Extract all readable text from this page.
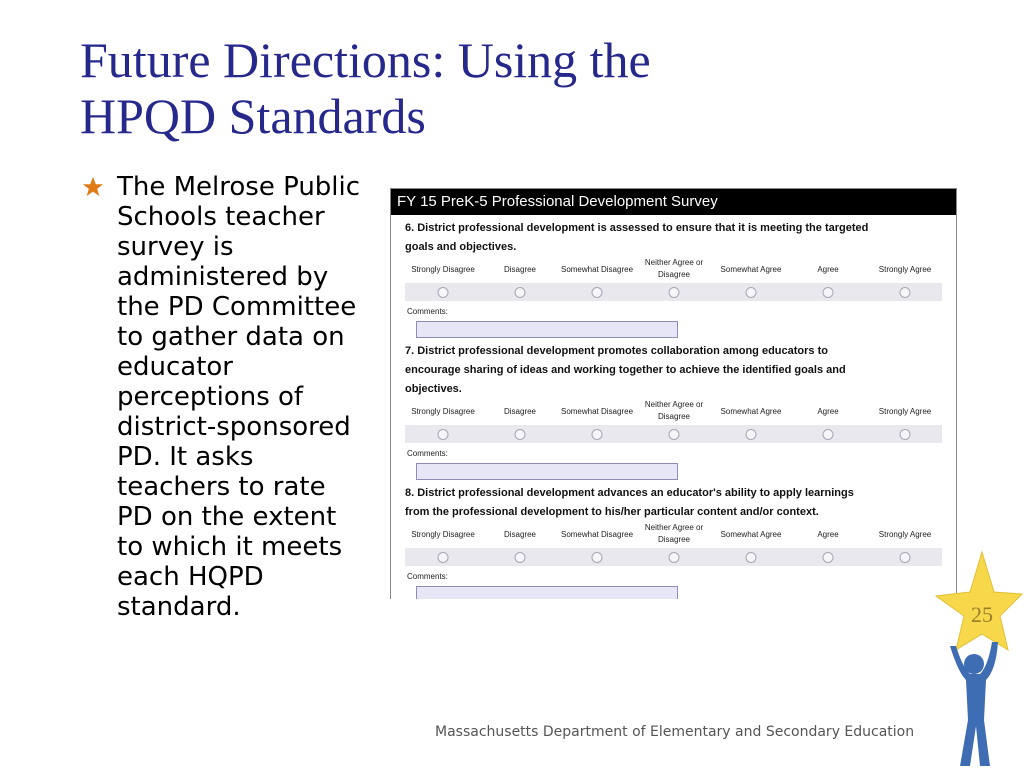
Future Directions: Using the
HPQD Standards
The Melrose Public
Schools teacher
survey is
administered by
the PD Committee
to gather data on
educator
perceptions of
district-sponsored
PD. It asks
teachers to rate
PD on the extent
to which it meets
each HQPD
standard.
FY 15 PreK-5 Professional Development Survey
6. District professional development is assessed to ensure that it is meeting the targeted
goals and objectives.
Strongly Disagree	Disagree	Somewhat Disagree
Neither Agree or Disagree
Somewhat Agree	Agree	Strongly Agree
Comments:
7. District professional development promotes collaboration among educators to
encourage sharing of ideas and working together to achieve the identified goals and
objectives.
Strongly Disagree	Disagree	Somewhat Disagree
Neither Agree or Disagree
Somewhat Agree	Agree	Strongly Agree
Comments:
8. District professional development advances an educator's ability to apply learnings
from the professional development to his/her particular content and/or context.
Strongly Disagree	Disagree	Somewhat Disagree
Neither Agree or Disagree
Somewhat Agree	Agree	Strongly Agree
Comments:
25
Massachusetts Department of Elementary and Secondary Education
